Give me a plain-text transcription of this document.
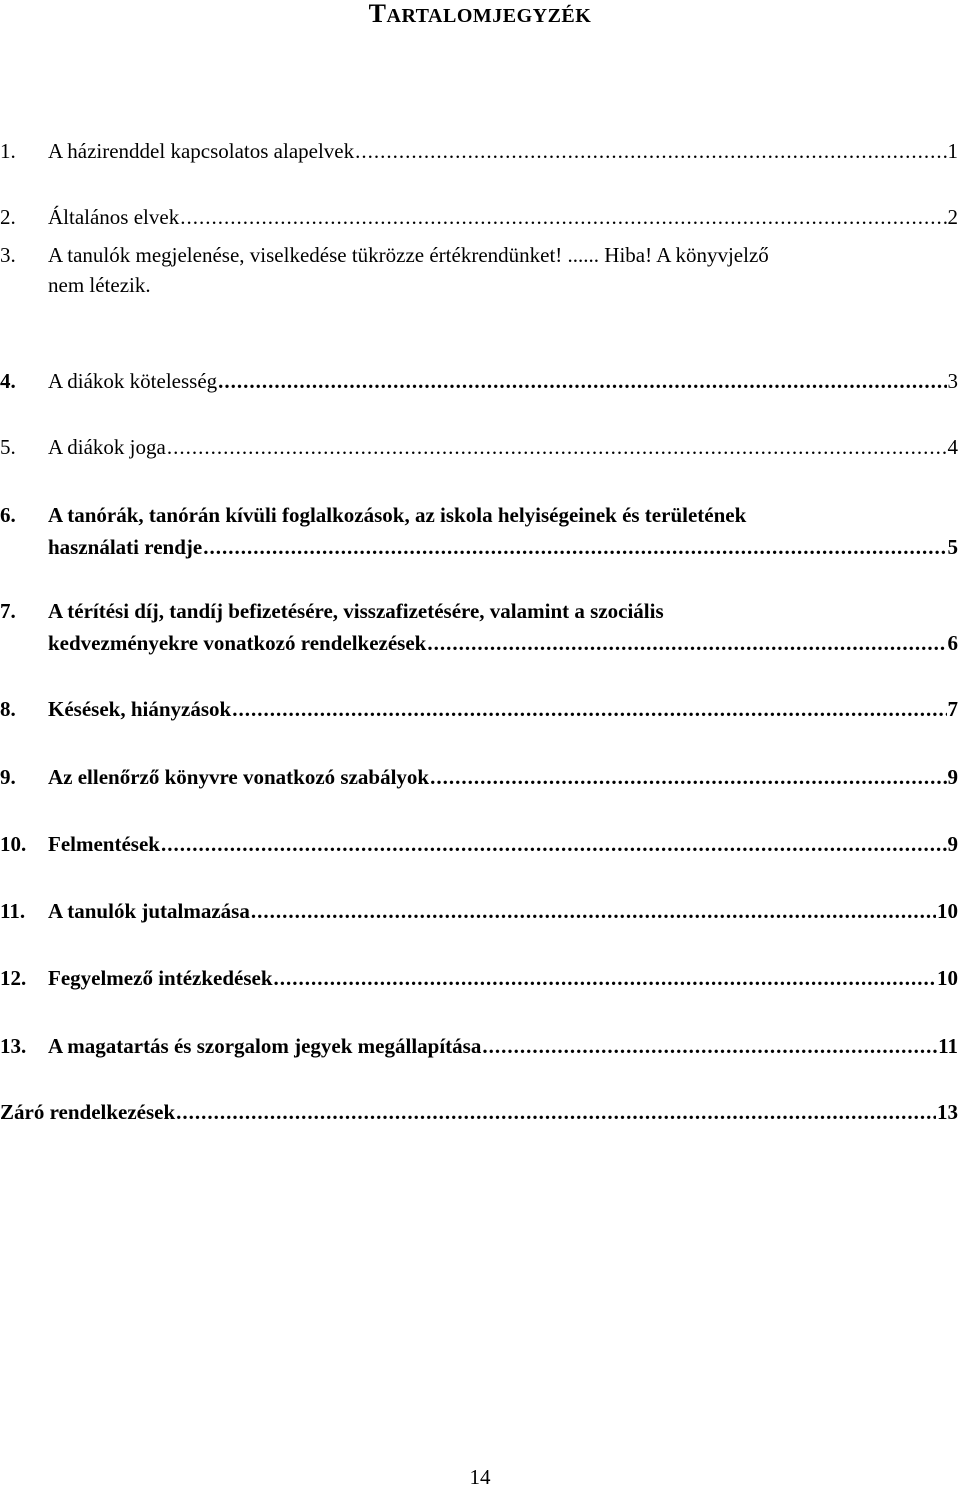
TARTALOMJEGYZÉK
1.	A házirenddel kapcsolatos alapelvek .....	1
2.	Általános elvek .....	2
3. A tanulók megjelenése, viselkedése tükrözze értékrendünket! ...... Hiba! A könyvjelző
nem létezik.
4.	A diákok kötelesség .....	3
5.	A diákok joga .....	4
6.	A tanórák, tanórán kívüli foglalkozások, az iskola helyiségeinek és területének
használati rendje .....	5
7.	A térítési díj, tandíj befizetésére, visszafizetésére, valamint a szociális
kedvezményekre vonatkozó rendelkezések .....	6
8.	Késések, hiányzások .....	7
9.	Az ellenőrző könyvre vonatkozó szabályok .....	9
10.	Felmentések .....	9
11.	A tanulók jutalmazása .....	10
12.	Fegyelmező intézkedések .....	10
13.	A magatartás és szorgalom jegyek megállapítása .....	11
Záró rendelkezések .....	13
14
